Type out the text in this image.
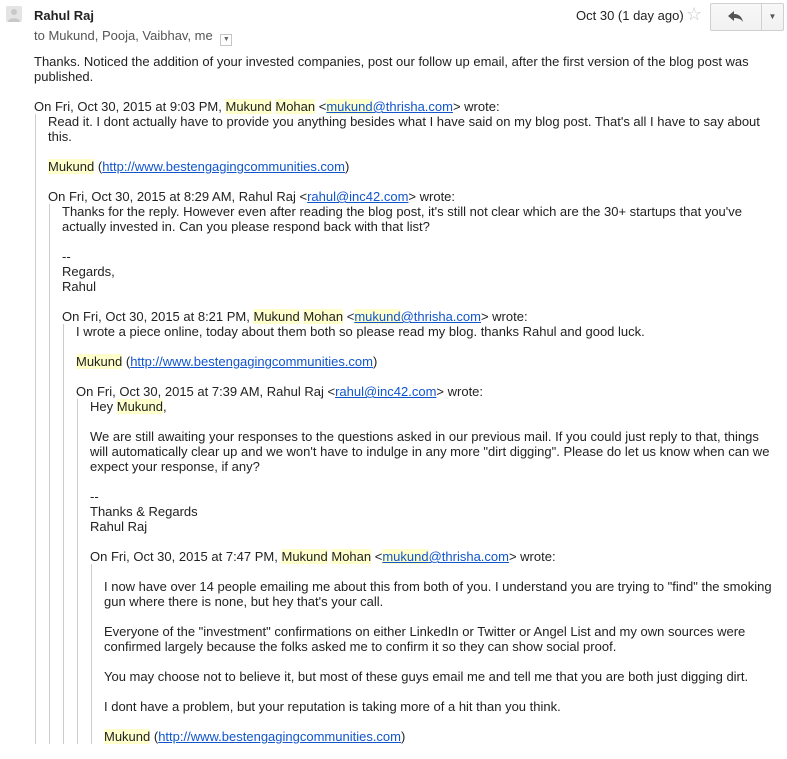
Rahul Raj
to Mukund, Pooja, Vaibhav, me ▼
Oct 30 (1 day ago) ☆	▼

Thanks. Noticed the addition of your invested companies, post our follow up email, after the first version of the blog post was published.

On Fri, Oct 30, 2015 at 9:03 PM, Mukund Mohan <mukund@thrisha.com> wrote:

Read it. I dont actually have to provide you anything besides what I have said on my blog post. That's all I have to say about this.

Mukund (http://www.bestengagingcommunities.com)

On Fri, Oct 30, 2015 at 8:29 AM, Rahul Raj <rahul@inc42.com> wrote:

Thanks for the reply. However even after reading the blog post, it's still not clear which are the 30+ startups that you've actually invested in. Can you please respond back with that list?

--
Regards,
Rahul

On Fri, Oct 30, 2015 at 8:21 PM, Mukund Mohan <mukund@thrisha.com> wrote:

I wrote a piece online, today about them both so please read my blog. thanks Rahul and good luck.

Mukund (http://www.bestengagingcommunities.com)

On Fri, Oct 30, 2015 at 7:39 AM, Rahul Raj <rahul@inc42.com> wrote:

Hey Mukund,

We are still awaiting your responses to the questions asked in our previous mail. If you could just reply to that, things will automatically clear up and we won't have to indulge in any more "dirt digging". Please do let us know when can we expect your response, if any?

--
Thanks & Regards
Rahul Raj

On Fri, Oct 30, 2015 at 7:47 PM, Mukund Mohan <mukund@thrisha.com> wrote:

I now have over 14 people emailing me about this from both of you. I understand you are trying to "find" the smoking gun where there is none, but hey that's your call.

Everyone of the "investment" confirmations on either LinkedIn or Twitter or Angel List and my own sources were confirmed largely because the folks asked me to confirm it so they can show social proof.

You may choose not to believe it, but most of these guys email me and tell me that you are both just digging dirt.

I dont have a problem, but your reputation is taking more of a hit than you think.

Mukund (http://www.bestengagingcommunities.com)
